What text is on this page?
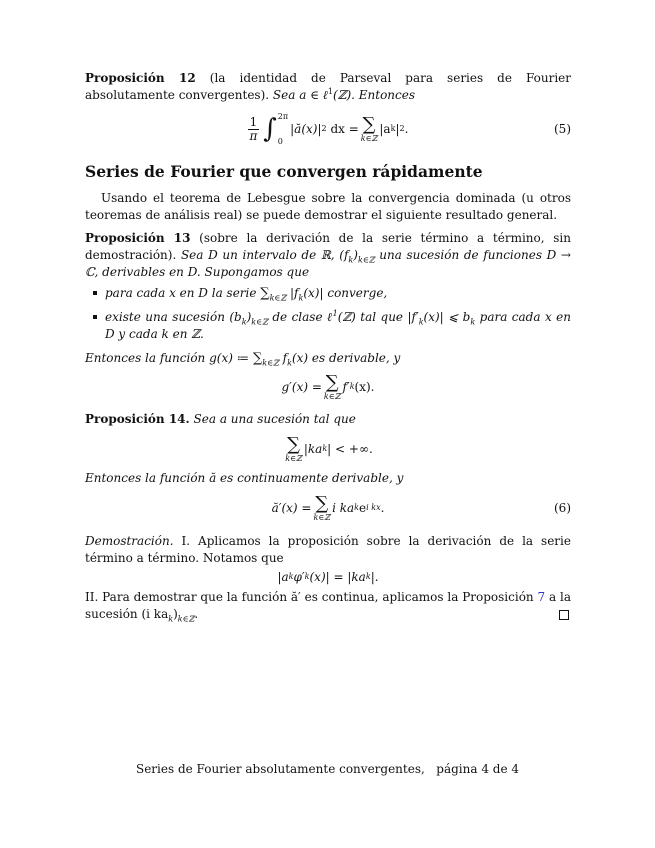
Proposición 12 (la identidad de Parseval para series de Fourier absolutamente convergentes). Sea a ∈ ℓ$^1$(ℤ). Entonces

$\frac{1}{\pi}$ ∫ 2π
0
|ă(x)| 2
dx = ∑
k∈ℤ
|a k | 2 .	(5)
Series de Fourier que convergen rápidamente

Usando el teorema de Lebesgue sobre la convergencia dominada (u otros teoremas de análisis real) se puede demostrar el siguiente resultado general.

Proposición 13 (sobre la derivación de la serie término a término, sin demostración). Sea D un intervalo de ℝ, $(f_k)_{k\in ℤ}$ una sucesión de funciones D → ℂ, derivables en D. Supongamos que

para cada x en D la serie $\sum_{k\in ℤ}$ $|f_k(x)|$ converge,
existe una sucesión $(b_k)_{k\in ℤ}$ de clase ℓ$^1$(ℤ) tal que $|f'_k(x)|$ ⩽ $b_k$ para cada x en D y cada k en ℤ.

Entonces la función g(x) ≔ $\sum_{k\in ℤ}$ $f_k(x)$ es derivable, y

g′(x) = ∑
k∈ℤ
f′ k (x).

Proposición 14. Sea a una sucesión tal que

∑
k∈ℤ
|ka k | < +∞.

Entonces la función ă es continuamente derivable, y

ă′(x) = ∑
k∈ℤ
i ka k e i kx .	(6)

Demostración. I. Aplicamos la proposición sobre la derivación de la serie término a término. Notamos que

|a k φ′ k (x)| = |ka k |.

II. Para demostrar que la función ă′ es continua, aplicamos la Proposición 7 a la sucesión (i $ka_k)_{k\in ℤ}$.

Series de Fourier absolutamente convergentes, página 4 de 4
